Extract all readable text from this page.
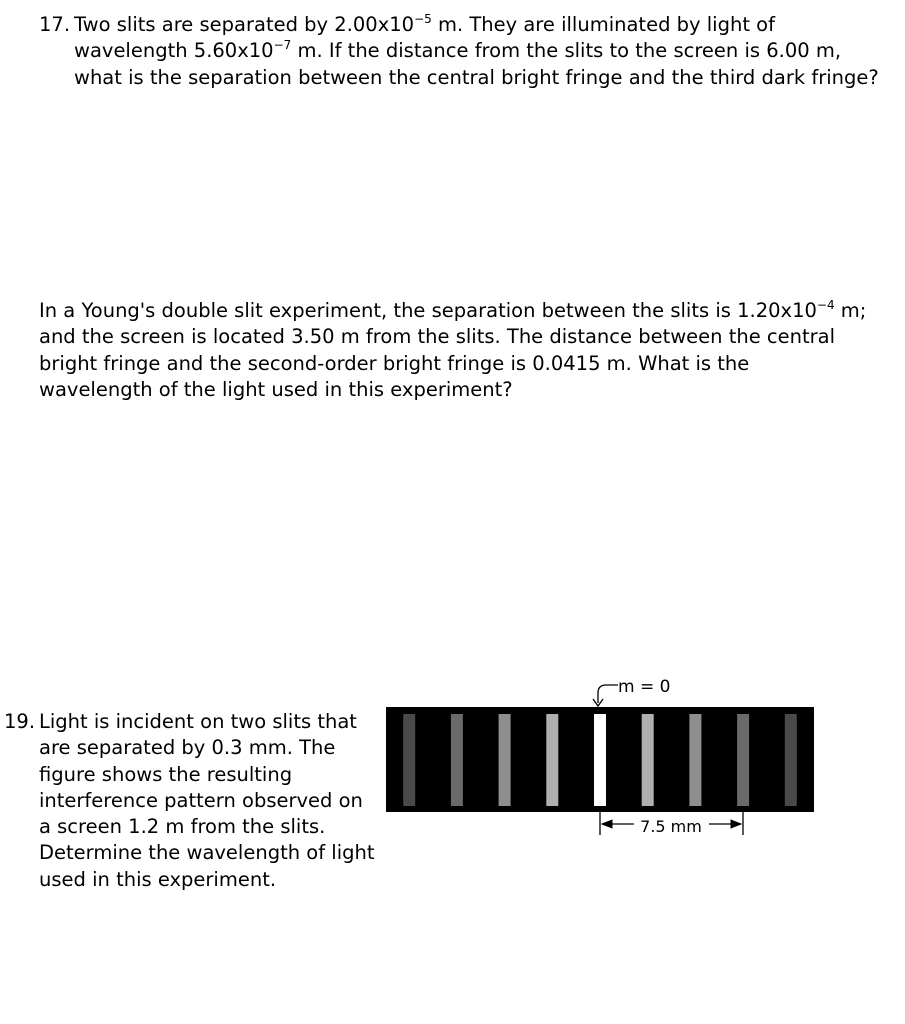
17. Two slits are separated by $2.00x10^{-5}$ m. They are illuminated by light of wavelength $5.60x10^{-7}$ m. If the distance from the slits to the screen is 6.00 m, what is the separation between the central bright fringe and the third dark fringe?
In a Young's double slit experiment, the separation between the slits is $1.20x10^{-4}$ m; and the screen is located 3.50 m from the slits. The distance between the central bright fringe and the second-order bright fringe is 0.0415 m. What is the wavelength of the light used in this experiment?
19. Light is incident on two slits that are separated by 0.3 mm. The figure shows the resulting interference pattern observed on a screen 1.2 m from the slits. Determine the wavelength of light used in this experiment.
m = 0
7.5 mm
